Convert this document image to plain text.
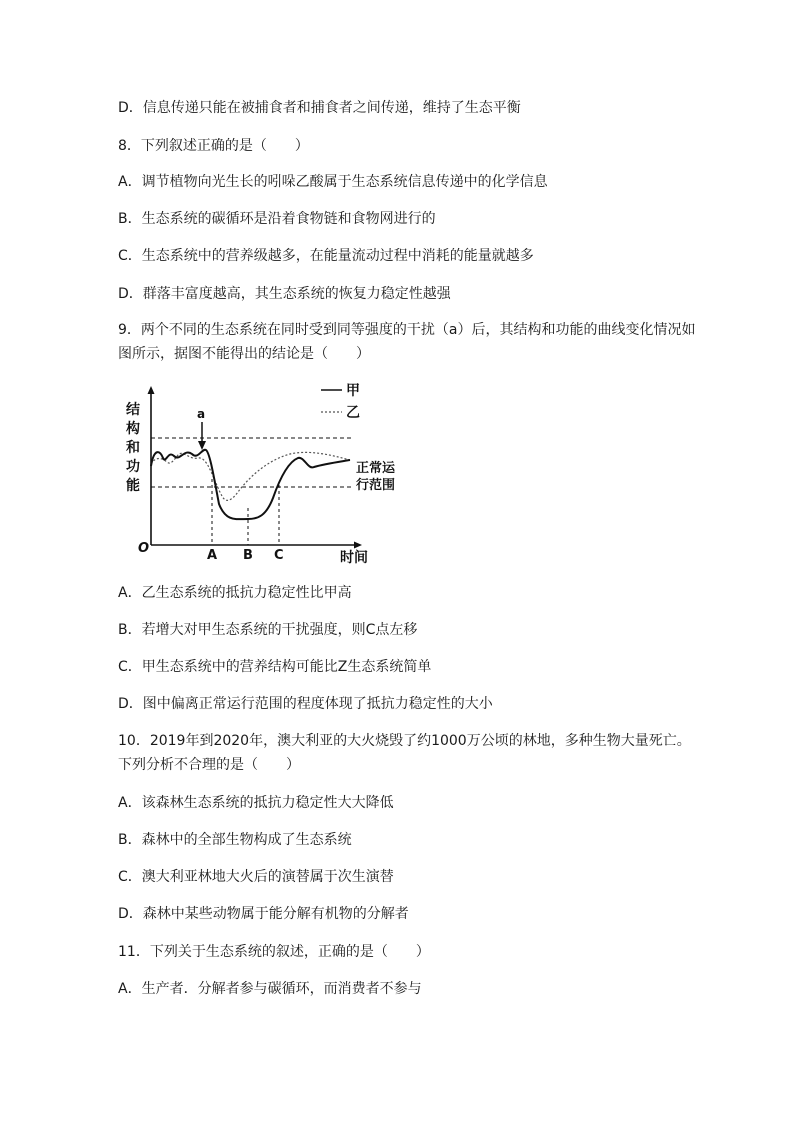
D．信息传递只能在被捕食者和捕食者之间传递，维持了生态平衡
8．下列叙述正确的是（　　）
A．调节植物向光生长的吲哚乙酸属于生态系统信息传递中的化学信息
B．生态系统的碳循环是沿着食物链和食物网进行的
C．生态系统中的营养级越多，在能量流动过程中消耗的能量就越多
D．群落丰富度越高，其生态系统的恢复力稳定性越强
9．两个不同的生态系统在同时受到同等强度的干扰（a）后，其结构和功能的曲线变化情况如图所示，据图不能得出的结论是（　　）
O
结
构
和
功
能
正常运
行范围
A B C	时间
a
甲
乙
A．乙生态系统的抵抗力稳定性比甲高
B．若增大对甲生态系统的干扰强度，则C点左移
C．甲生态系统中的营养结构可能比Z生态系统简单
D．图中偏离正常运行范围的程度体现了抵抗力稳定性的大小
10．2019年到2020年，澳大利亚的大火烧毁了约1000万公顷的林地，多种生物大量死亡。下列分析不合理的是（　　）
A．该森林生态系统的抵抗力稳定性大大降低
B．森林中的全部生物构成了生态系统
C．澳大利亚林地大火后的演替属于次生演替
D．森林中某些动物属于能分解有机物的分解者
11．下列关于生态系统的叙述，正确的是（　　）
A．生产者．分解者参与碳循环，而消费者不参与
